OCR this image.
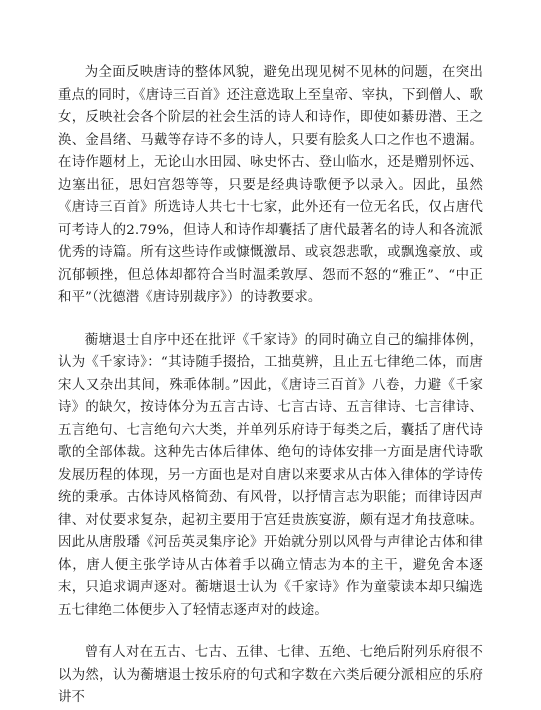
为全面反映唐诗的整体风貌，避免出现见树不见林的问题，在突出重点的同时，《唐诗三百首》还注意选取上至皇帝、宰执，下到僧人、歌女，反映社会各个阶层的社会生活的诗人和诗作，即使如綦毋潜、王之涣、金昌绪、马戴等存诗不多的诗人，只要有脍炙人口之作也不遗漏。在诗作题材上，无论山水田园、咏史怀古、登山临水，还是赠别怀远、边塞出征，思妇宫怨等等，只要是经典诗歌便予以录入。因此，虽然《唐诗三百首》所选诗人共七十七家，此外还有一位无名氏，仅占唐代可考诗人的2.79%，但诗人和诗作却囊括了唐代最著名的诗人和各流派优秀的诗篇。所有这些诗作或慷慨激昂、或哀怨悲歌，或飘逸豪放、或沉郁顿挫，但总体却都符合当时温柔敦厚、怨而不怒的“雅正”、“中正和平”（沈德潜《唐诗别裁序》）的诗教要求。

蘅塘退士自序中还在批评《千家诗》的同时确立自己的编排体例，认为《千家诗》：“其诗随手掇拾，工拙莫辨，且止五七律绝二体，而唐宋人又杂出其间，殊乖体制。”因此，《唐诗三百首》八卷，力避《千家诗》的缺欠，按诗体分为五言古诗、七言古诗、五言律诗、七言律诗、五言绝句、七言绝句六大类，并单列乐府诗于每类之后，囊括了唐代诗歌的全部体裁。这种先古体后律体、绝句的诗体安排一方面是唐代诗歌发展历程的体现，另一方面也是对自唐以来要求从古体入律体的学诗传统的秉承。古体诗风格简劲、有风骨，以抒情言志为职能；而律诗因声律、对仗要求复杂，起初主要用于宫廷贵族宴游，颇有逞才角技意味。因此从唐殷璠《河岳英灵集序论》开始就分别以风骨与声律论古体和律体，唐人便主张学诗从古体着手以确立情志为本的主干，避免舍本逐末，只追求调声逐对。蘅塘退士认为《千家诗》作为童蒙读本却只编选五七律绝二体便步入了轻情志逐声对的歧途。

曾有人对在五古、七古、五律、七律、五绝、七绝后附列乐府很不以为然，认为蘅塘退士按乐府的句式和字数在六类后硬分派相应的乐府讲不
